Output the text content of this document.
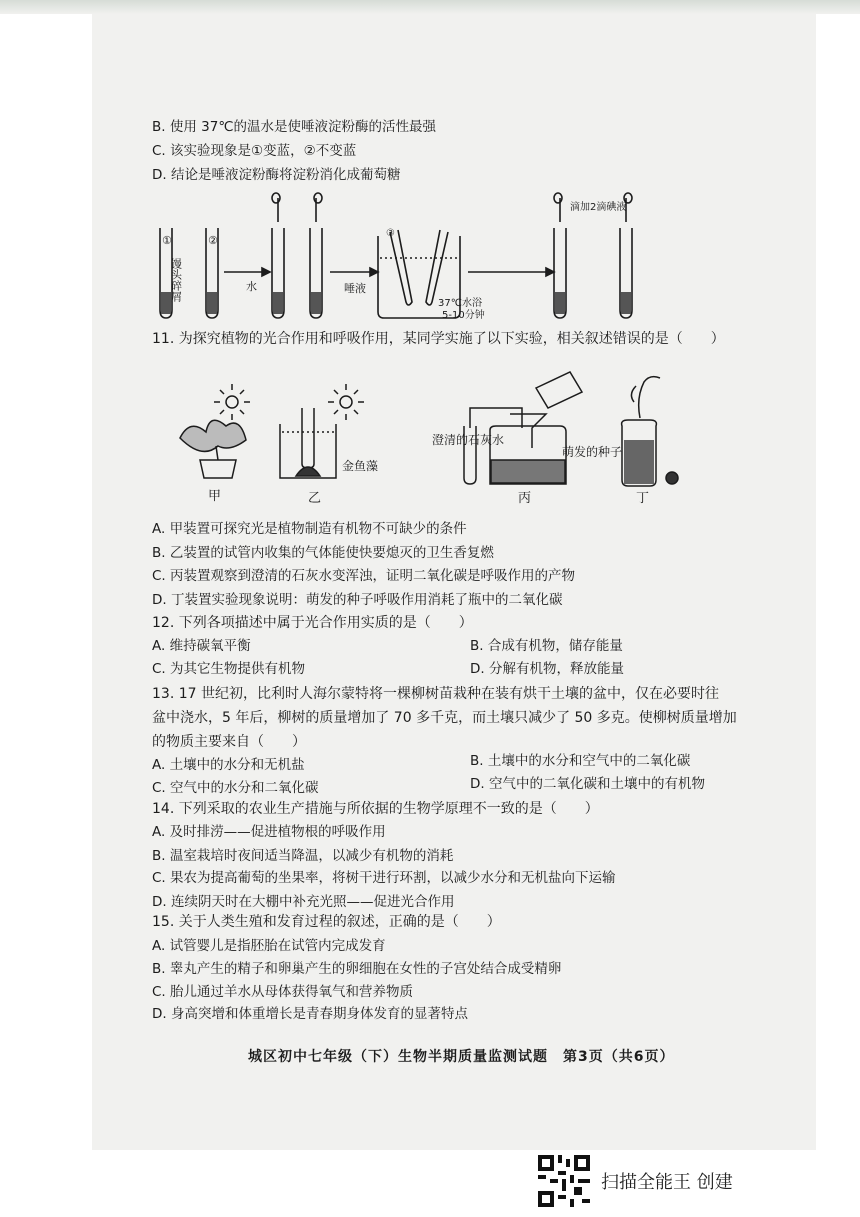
B. 使用 37℃的温水是使唾液淀粉酶的活性最强
C. 该实验现象是①变蓝，②不变蓝
D. 结论是唾液淀粉酶将淀粉消化成葡萄糖
①	②
馒头碎屑	水	唾液
③
37℃水浴
5-10分钟
滴加2滴碘液
11. 为探究植物的光合作用和呼吸作用，某同学实施了以下实验，相关叙述错误的是（　　）
甲	乙
金鱼藻
澄清的石灰水
丙
萌发的种子
丁
A. 甲装置可探究光是植物制造有机物不可缺少的条件
B. 乙装置的试管内收集的气体能使快要熄灭的卫生香复燃
C. 丙装置观察到澄清的石灰水变浑浊，证明二氧化碳是呼吸作用的产物
D. 丁装置实验现象说明：萌发的种子呼吸作用消耗了瓶中的二氧化碳
12. 下列各项描述中属于光合作用实质的是（　　）
A. 维持碳氧平衡	B. 合成有机物，储存能量
C. 为其它生物提供有机物	D. 分解有机物，释放能量
13. 17 世纪初，比利时人海尔蒙特将一棵柳树苗栽种在装有烘干土壤的盆中，仅在必要时往
盆中浇水，5 年后，柳树的质量增加了 70 多千克，而土壤只减少了 50 多克。使柳树质量增加
的物质主要来自（　　）
A. 土壤中的水分和无机盐	B. 土壤中的水分和空气中的二氧化碳
C. 空气中的水分和二氧化碳	D. 空气中的二氧化碳和土壤中的有机物
14. 下列采取的农业生产措施与所依据的生物学原理不一致的是（　　）
A. 及时排涝——促进植物根的呼吸作用
B. 温室栽培时夜间适当降温，以减少有机物的消耗
C. 果农为提高葡萄的坐果率，将树干进行环割，以减少水分和无机盐向下运输
D. 连续阴天时在大棚中补充光照——促进光合作用
15. 关于人类生殖和发育过程的叙述，正确的是（　　）
A. 试管婴儿是指胚胎在试管内完成发育
B. 睾丸产生的精子和卵巢产生的卵细胞在女性的子宫处结合成受精卵
C. 胎儿通过羊水从母体获得氧气和营养物质
D. 身高突增和体重增长是青春期身体发育的显著特点
城区初中七年级（下）生物半期质量监测试题　第3页（共6页）
扫描全能王 创建
